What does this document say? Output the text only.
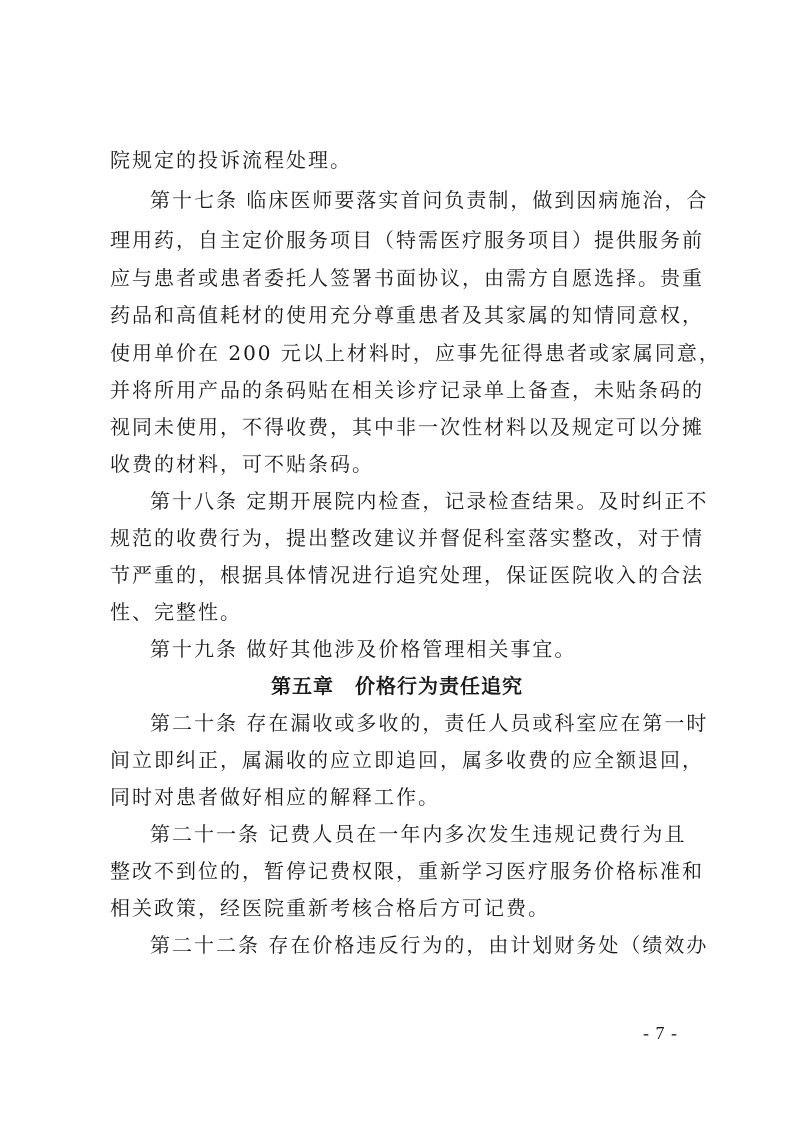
院规定的投诉流程处理。
第十七条 临床医师要落实首问负责制，做到因病施治，合
理用药，自主定价服务项目（特需医疗服务项目）提供服务前
应与患者或患者委托人签署书面协议，由需方自愿选择。贵重
药品和高值耗材的使用充分尊重患者及其家属的知情同意权，
使用单价在 200 元以上材料时，应事先征得患者或家属同意，
并将所用产品的条码贴在相关诊疗记录单上备查，未贴条码的
视同未使用，不得收费，其中非一次性材料以及规定可以分摊
收费的材料，可不贴条码。
第十八条 定期开展院内检查，记录检查结果。及时纠正不
规范的收费行为，提出整改建议并督促科室落实整改，对于情
节严重的，根据具体情况进行追究处理，保证医院收入的合法
性、完整性。
第十九条 做好其他涉及价格管理相关事宜。
第五章　价格行为责任追究
第二十条 存在漏收或多收的，责任人员或科室应在第一时
间立即纠正，属漏收的应立即追回，属多收费的应全额退回，
同时对患者做好相应的解释工作。
第二十一条 记费人员在一年内多次发生违规记费行为且
整改不到位的，暂停记费权限，重新学习医疗服务价格标准和
相关政策，经医院重新考核合格后方可记费。
第二十二条 存在价格违反行为的，由计划财务处（绩效办
- 7 -
